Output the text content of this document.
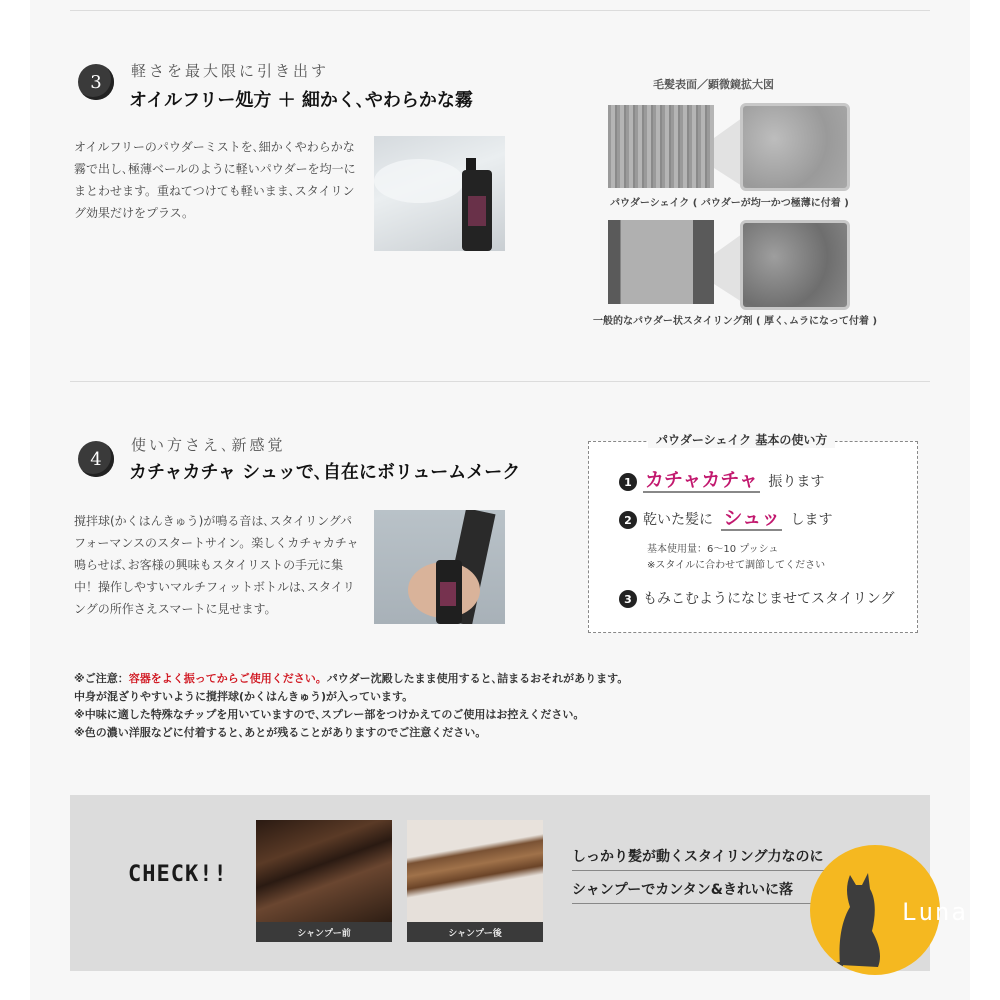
3
軽さを最大限に引き出す
オイルフリー処方 ＋ 細かく､やわらかな霧
オイルフリーのパウダーミストを､細かくやわらかな霧で出し､極薄ベールのように軽いパウダーを均一にまとわせます。重ねてつけても軽いまま､スタイリング効果だけをプラス。
毛髪表面／顕微鏡拡大図
パウダーシェイク ( パウダーが均一かつ極薄に付着 )
一般的なパウダー状スタイリング剤 ( 厚く､ムラになって付着 )
4
使い方さえ､新感覚
カチャカチャ シュッで､自在にボリュームメーク
撹拌球(かくはんきゅう)が鳴る音は､スタイリングパフォーマンスのスタートサイン。楽しくカチャカチャ鳴らせば､お客様の興味もスタイリストの手元に集中！操作しやすいマルチフィットボトルは､スタイリングの所作さえスマートに見せます。
パウダーシェイク 基本の使い方
1 カチャカチャ 振ります
2 乾いた髪に シュッ します
基本使用量：6〜10 プッシュ
※スタイルに合わせて調節してください
3 もみこむようになじませてスタイリング
※ご注意：容器をよく振ってからご使用ください。パウダー沈殿したまま使用すると､詰まるおそれがあります。
中身が混ざりやすいように撹拌球(かくはんきゅう)が入っています。
※中味に適した特殊なチップを用いていますので､スプレー部をつけかえてのご使用はお控えください。
※色の濃い洋服などに付着すると､あとが残ることがありますのでご注意ください。
CHECK!!
シャンプー前	シャンプー後
しっかり髪が動くスタイリング力なのに
シャンプーでカンタン&きれいに落
Luna
